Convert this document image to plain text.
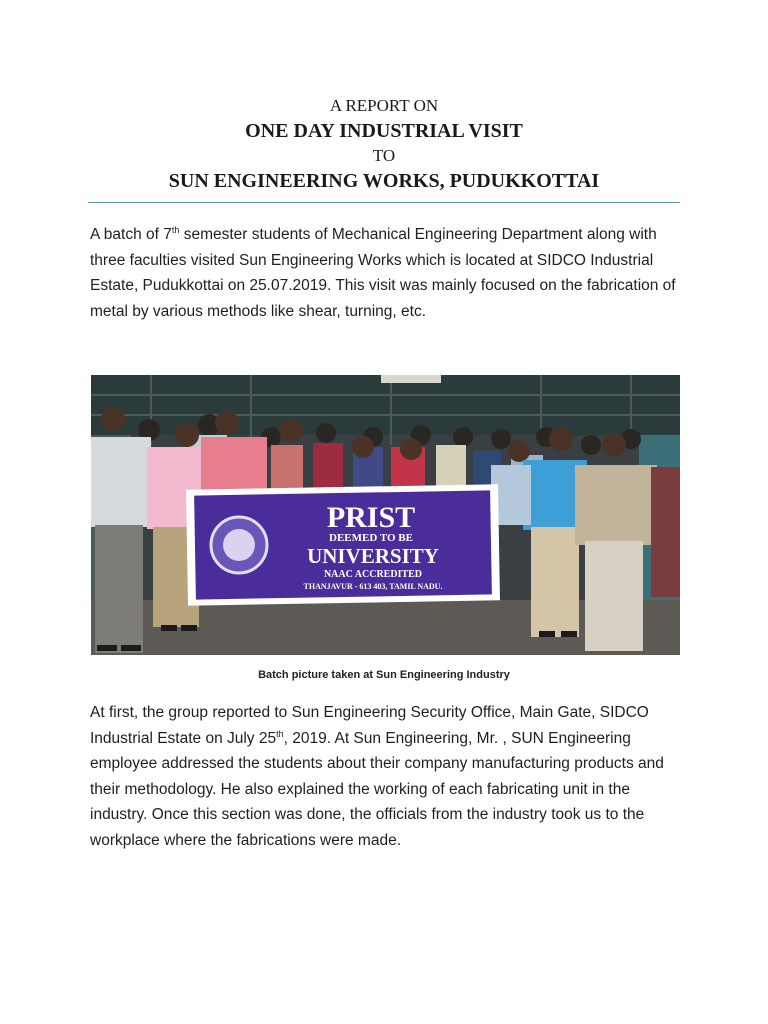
A REPORT ON
ONE DAY INDUSTRIAL VISIT
TO
SUN ENGINEERING WORKS, PUDUKKOTTAI

A batch of 7th semester students of Mechanical Engineering Department along with three faculties visited Sun Engineering Works which is located at SIDCO Industrial Estate, Pudukkottai on 25.07.2019. This visit was mainly focused on the fabrication of metal by various methods like shear, turning, etc.

PRIST
DEEMED TO BE
UNIVERSITY
NAAC ACCREDITED
THANJAVUR - 613 403, TAMIL NADU.
Batch picture taken at Sun Engineering Industry

At first, the group reported to Sun Engineering Security Office, Main Gate, SIDCO Industrial Estate on July 25th, 2019. At Sun Engineering, Mr. , SUN Engineering employee addressed the students about their company manufacturing products and their methodology. He also explained the working of each fabricating unit in the industry. Once this section was done, the officials from the industry took us to the workplace where the fabrications were made.
